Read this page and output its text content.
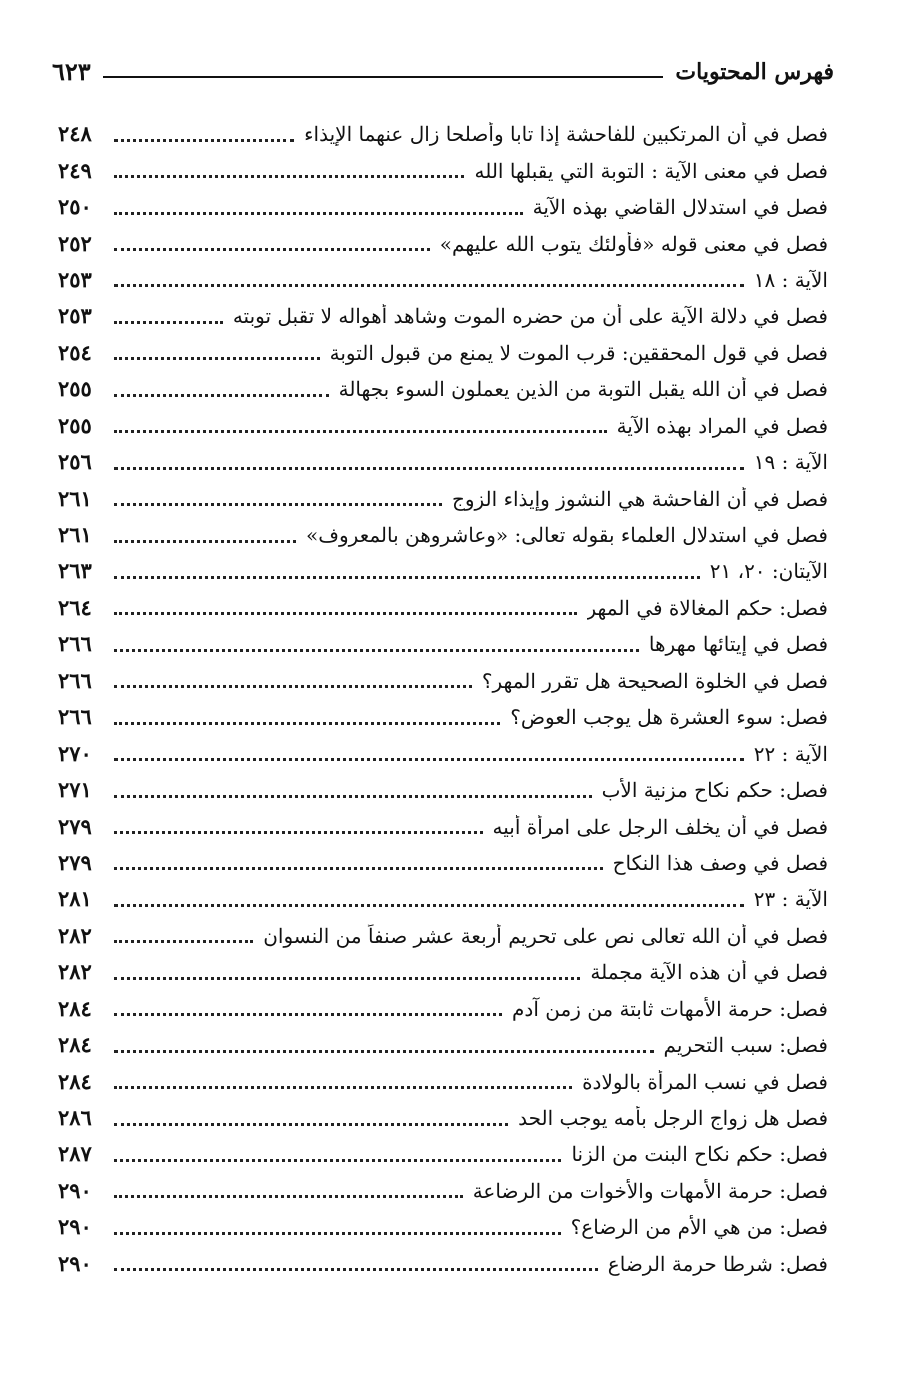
فهرس المحتويات
٦٢٣
فصل في أن المرتكبين للفاحشة إذا تابا وأصلحا زال عنهما الإيذاء
٢٤٨
فصل في معنى الآية : التوبة التي يقبلها الله
٢٤٩
فصل في استدلال القاضي بهذه الآية
٢٥٠
فصل في معنى قوله «فأولئك يتوب الله عليهم»
٢٥٢
الآية : ١٨
٢٥٣
فصل في دلالة الآية على أن من حضره الموت وشاهد أهواله لا تقبل توبته
٢٥٣
فصل في قول المحققين: قرب الموت لا يمنع من قبول التوبة
٢٥٤
فصل في أن الله يقبل التوبة من الذين يعملون السوء بجهالة
٢٥٥
فصل في المراد بهذه الآية
٢٥٥
الآية : ١٩
٢٥٦
فصل في أن الفاحشة هي النشوز وإيذاء الزوج
٢٦١
فصل في استدلال العلماء بقوله تعالى: «وعاشروهن بالمعروف»
٢٦١
الآيتان: ٢٠، ٢١
٢٦٣
فصل: حكم المغالاة في المهر
٢٦٤
فصل في إيتائها مهرها
٢٦٦
فصل في الخلوة الصحيحة هل تقرر المهر؟
٢٦٦
فصل: سوء العشرة هل يوجب العوض؟
٢٦٦
الآية : ٢٢
٢٧٠
فصل: حكم نكاح مزنية الأب
٢٧١
فصل في أن يخلف الرجل على امرأة أبيه
٢٧٩
فصل في وصف هذا النكاح
٢٧٩
الآية : ٢٣
٢٨١
فصل في أن الله تعالى نص على تحريم أربعة عشر صنفاً من النسوان
٢٨٢
فصل في أن هذه الآية مجملة
٢٨٢
فصل: حرمة الأمهات ثابتة من زمن آدم
٢٨٤
فصل: سبب التحريم
٢٨٤
فصل في نسب المرأة بالولادة
٢٨٤
فصل هل زواج الرجل بأمه يوجب الحد
٢٨٦
فصل: حكم نكاح البنت من الزنا
٢٨٧
فصل: حرمة الأمهات والأخوات من الرضاعة
٢٩٠
فصل: من هي الأم من الرضاع؟
٢٩٠
فصل: شرطا حرمة الرضاع
٢٩٠
